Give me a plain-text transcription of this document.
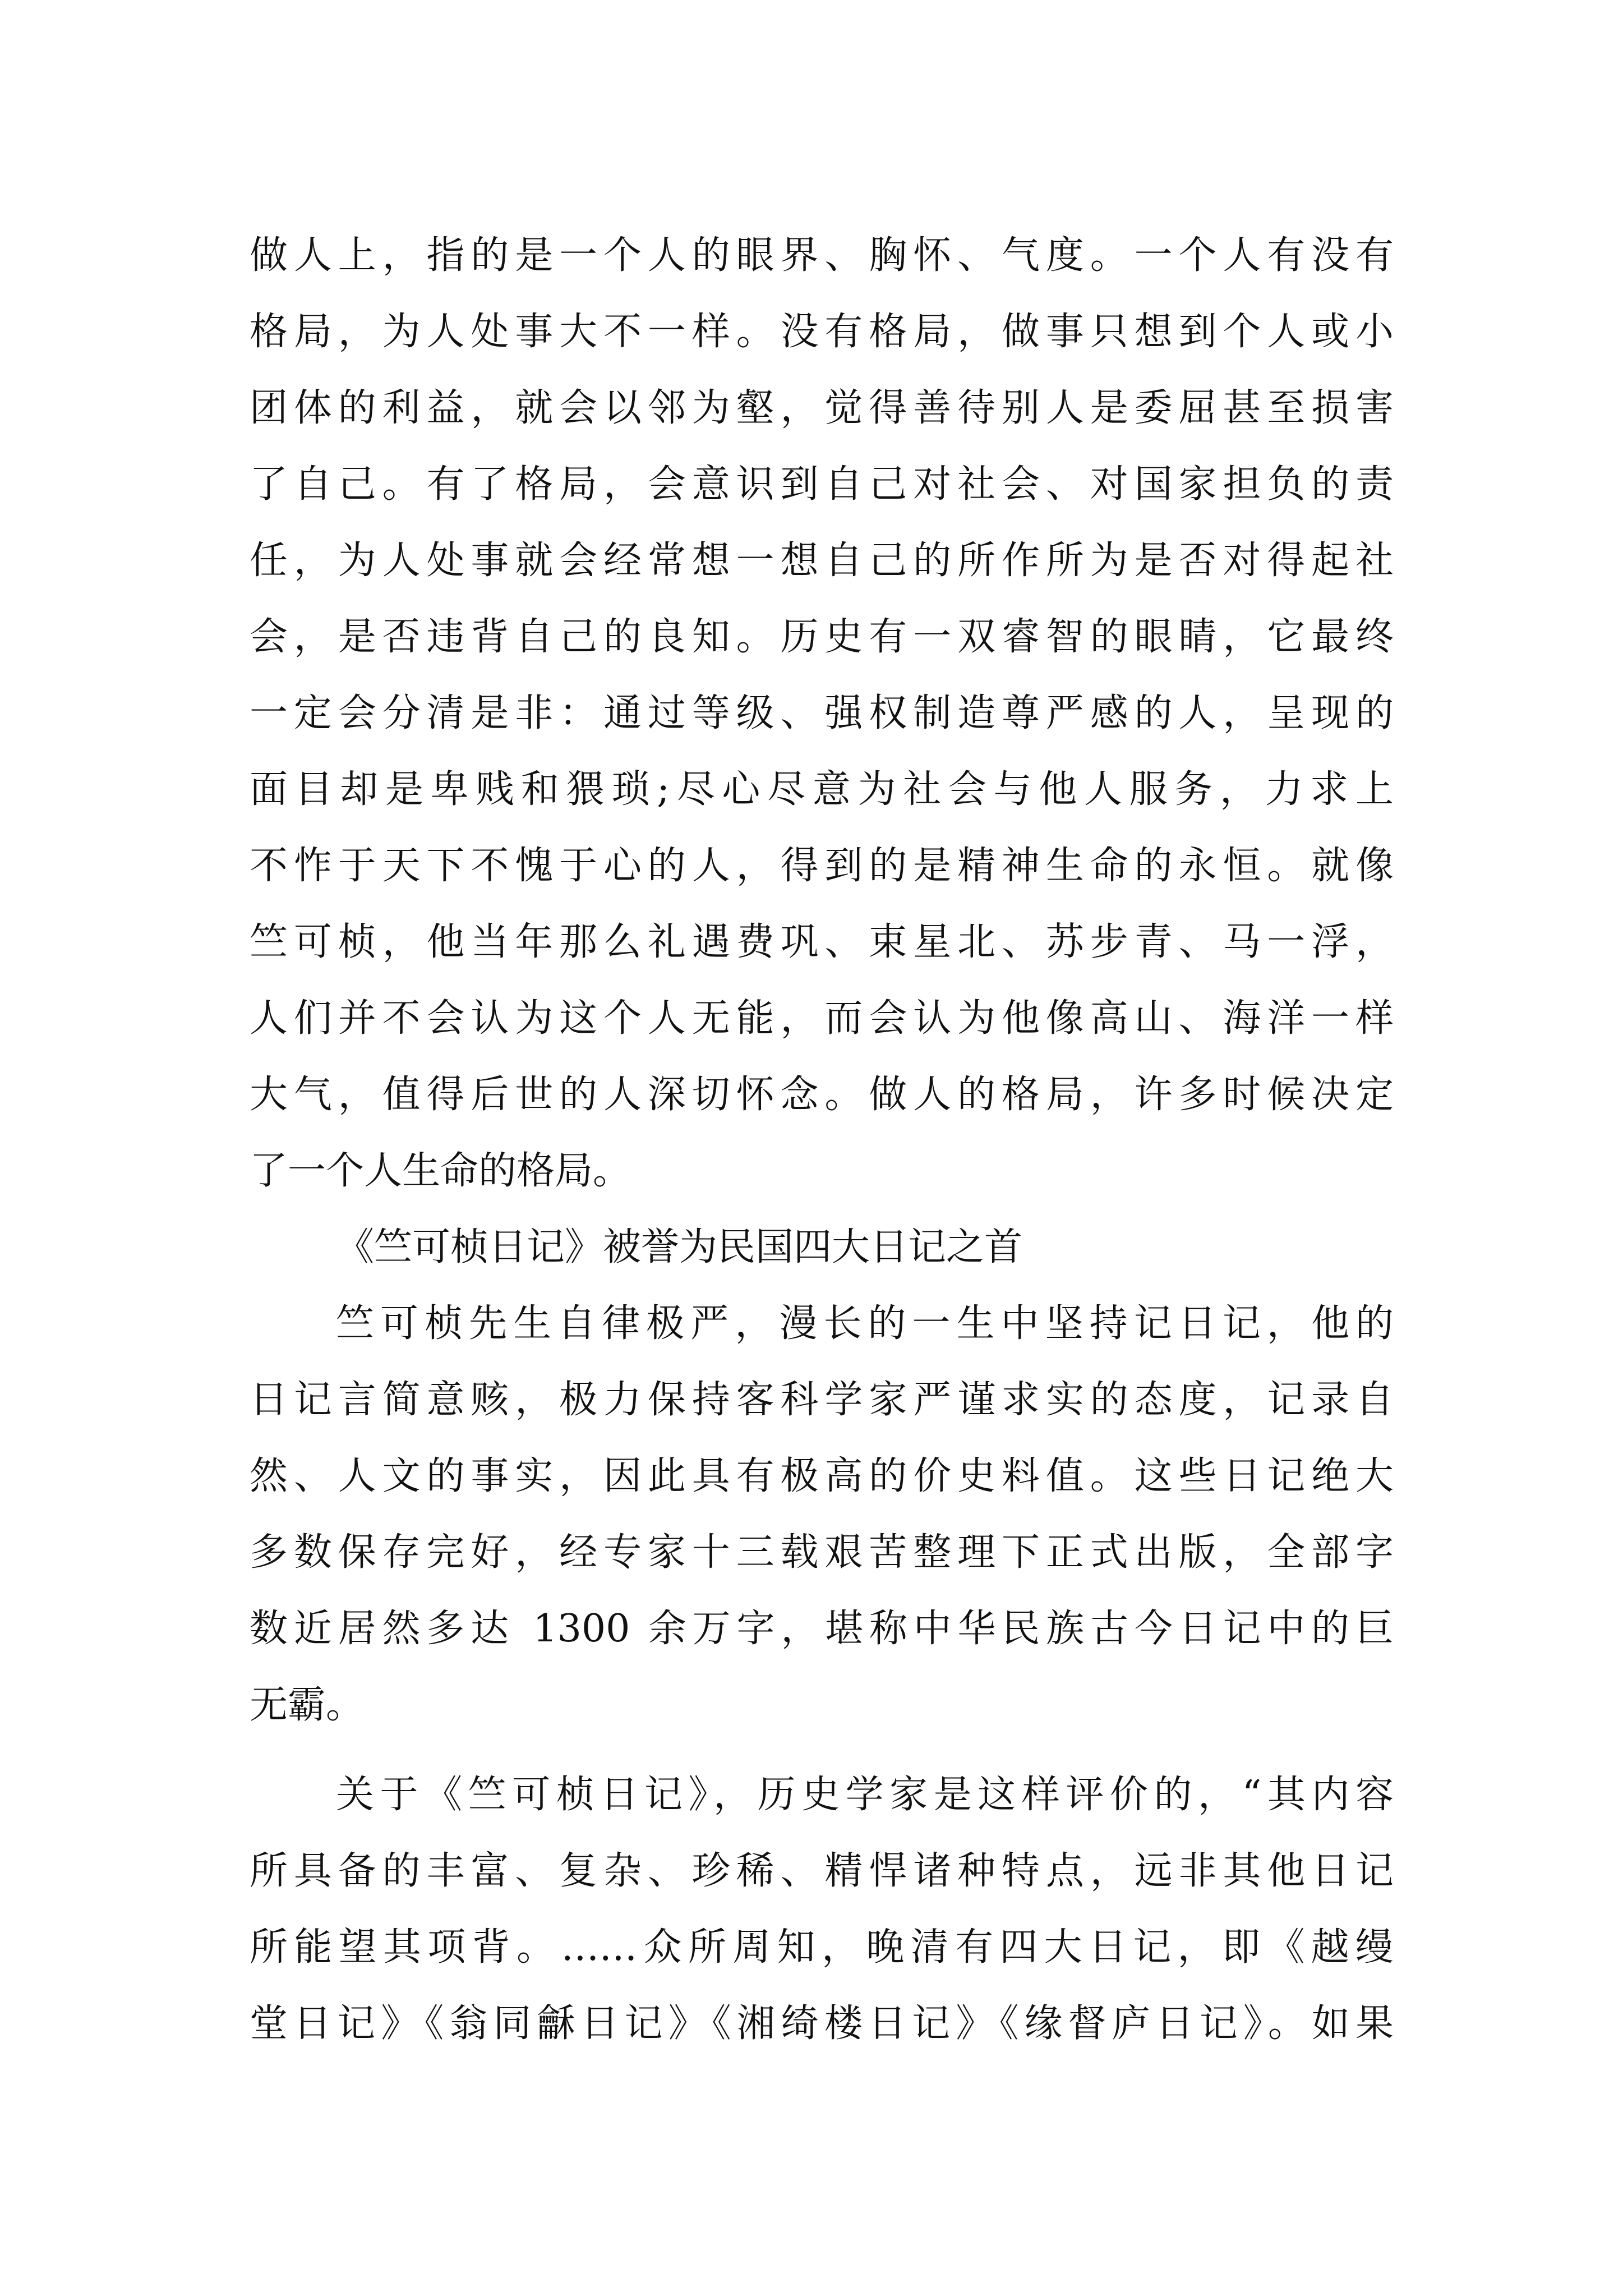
做人上，指的是一个人的眼界、胸怀、气度。一个人有没有
格局，为人处事大不一样。没有格局，做事只想到个人或小
团体的利益，就会以邻为壑，觉得善待别人是委屈甚至损害
了自己。有了格局，会意识到自己对社会、对国家担负的责
任，为人处事就会经常想一想自己的所作所为是否对得起社
会，是否违背自己的良知。历史有一双睿智的眼睛，它最终
一定会分清是非：通过等级、强权制造尊严感的人，呈现的
面目却是卑贱和猥琐;尽心尽意为社会与他人服务，力求上
不怍于天下不愧于心的人，得到的是精神生命的永恒。就像
竺可桢，他当年那么礼遇费巩、束星北、苏步青、马一浮，
人们并不会认为这个人无能，而会认为他像高山、海洋一样
大气，值得后世的人深切怀念。做人的格局，许多时候决定
了一个人生命的格局。
《竺可桢日记》被誉为民国四大日记之首
竺可桢先生自律极严，漫长的一生中坚持记日记，他的
日记言简意赅，极力保持客科学家严谨求实的态度，记录自
然、人文的事实，因此具有极高的价史料值。这些日记绝大
多数保存完好，经专家十三载艰苦整理下正式出版，全部字
数近居然多达 1300 余万字，堪称中华民族古今日记中的巨
无霸。
关于《竺可桢日记》，历史学家是这样评价的，“其内容
所具备的丰富、复杂、珍稀、精悍诸种特点，远非其他日记
所能望其项背。……众所周知，晚清有四大日记，即《越缦
堂日记》《翁同龢日记》《湘绮楼日记》《缘督庐日记》。如果
